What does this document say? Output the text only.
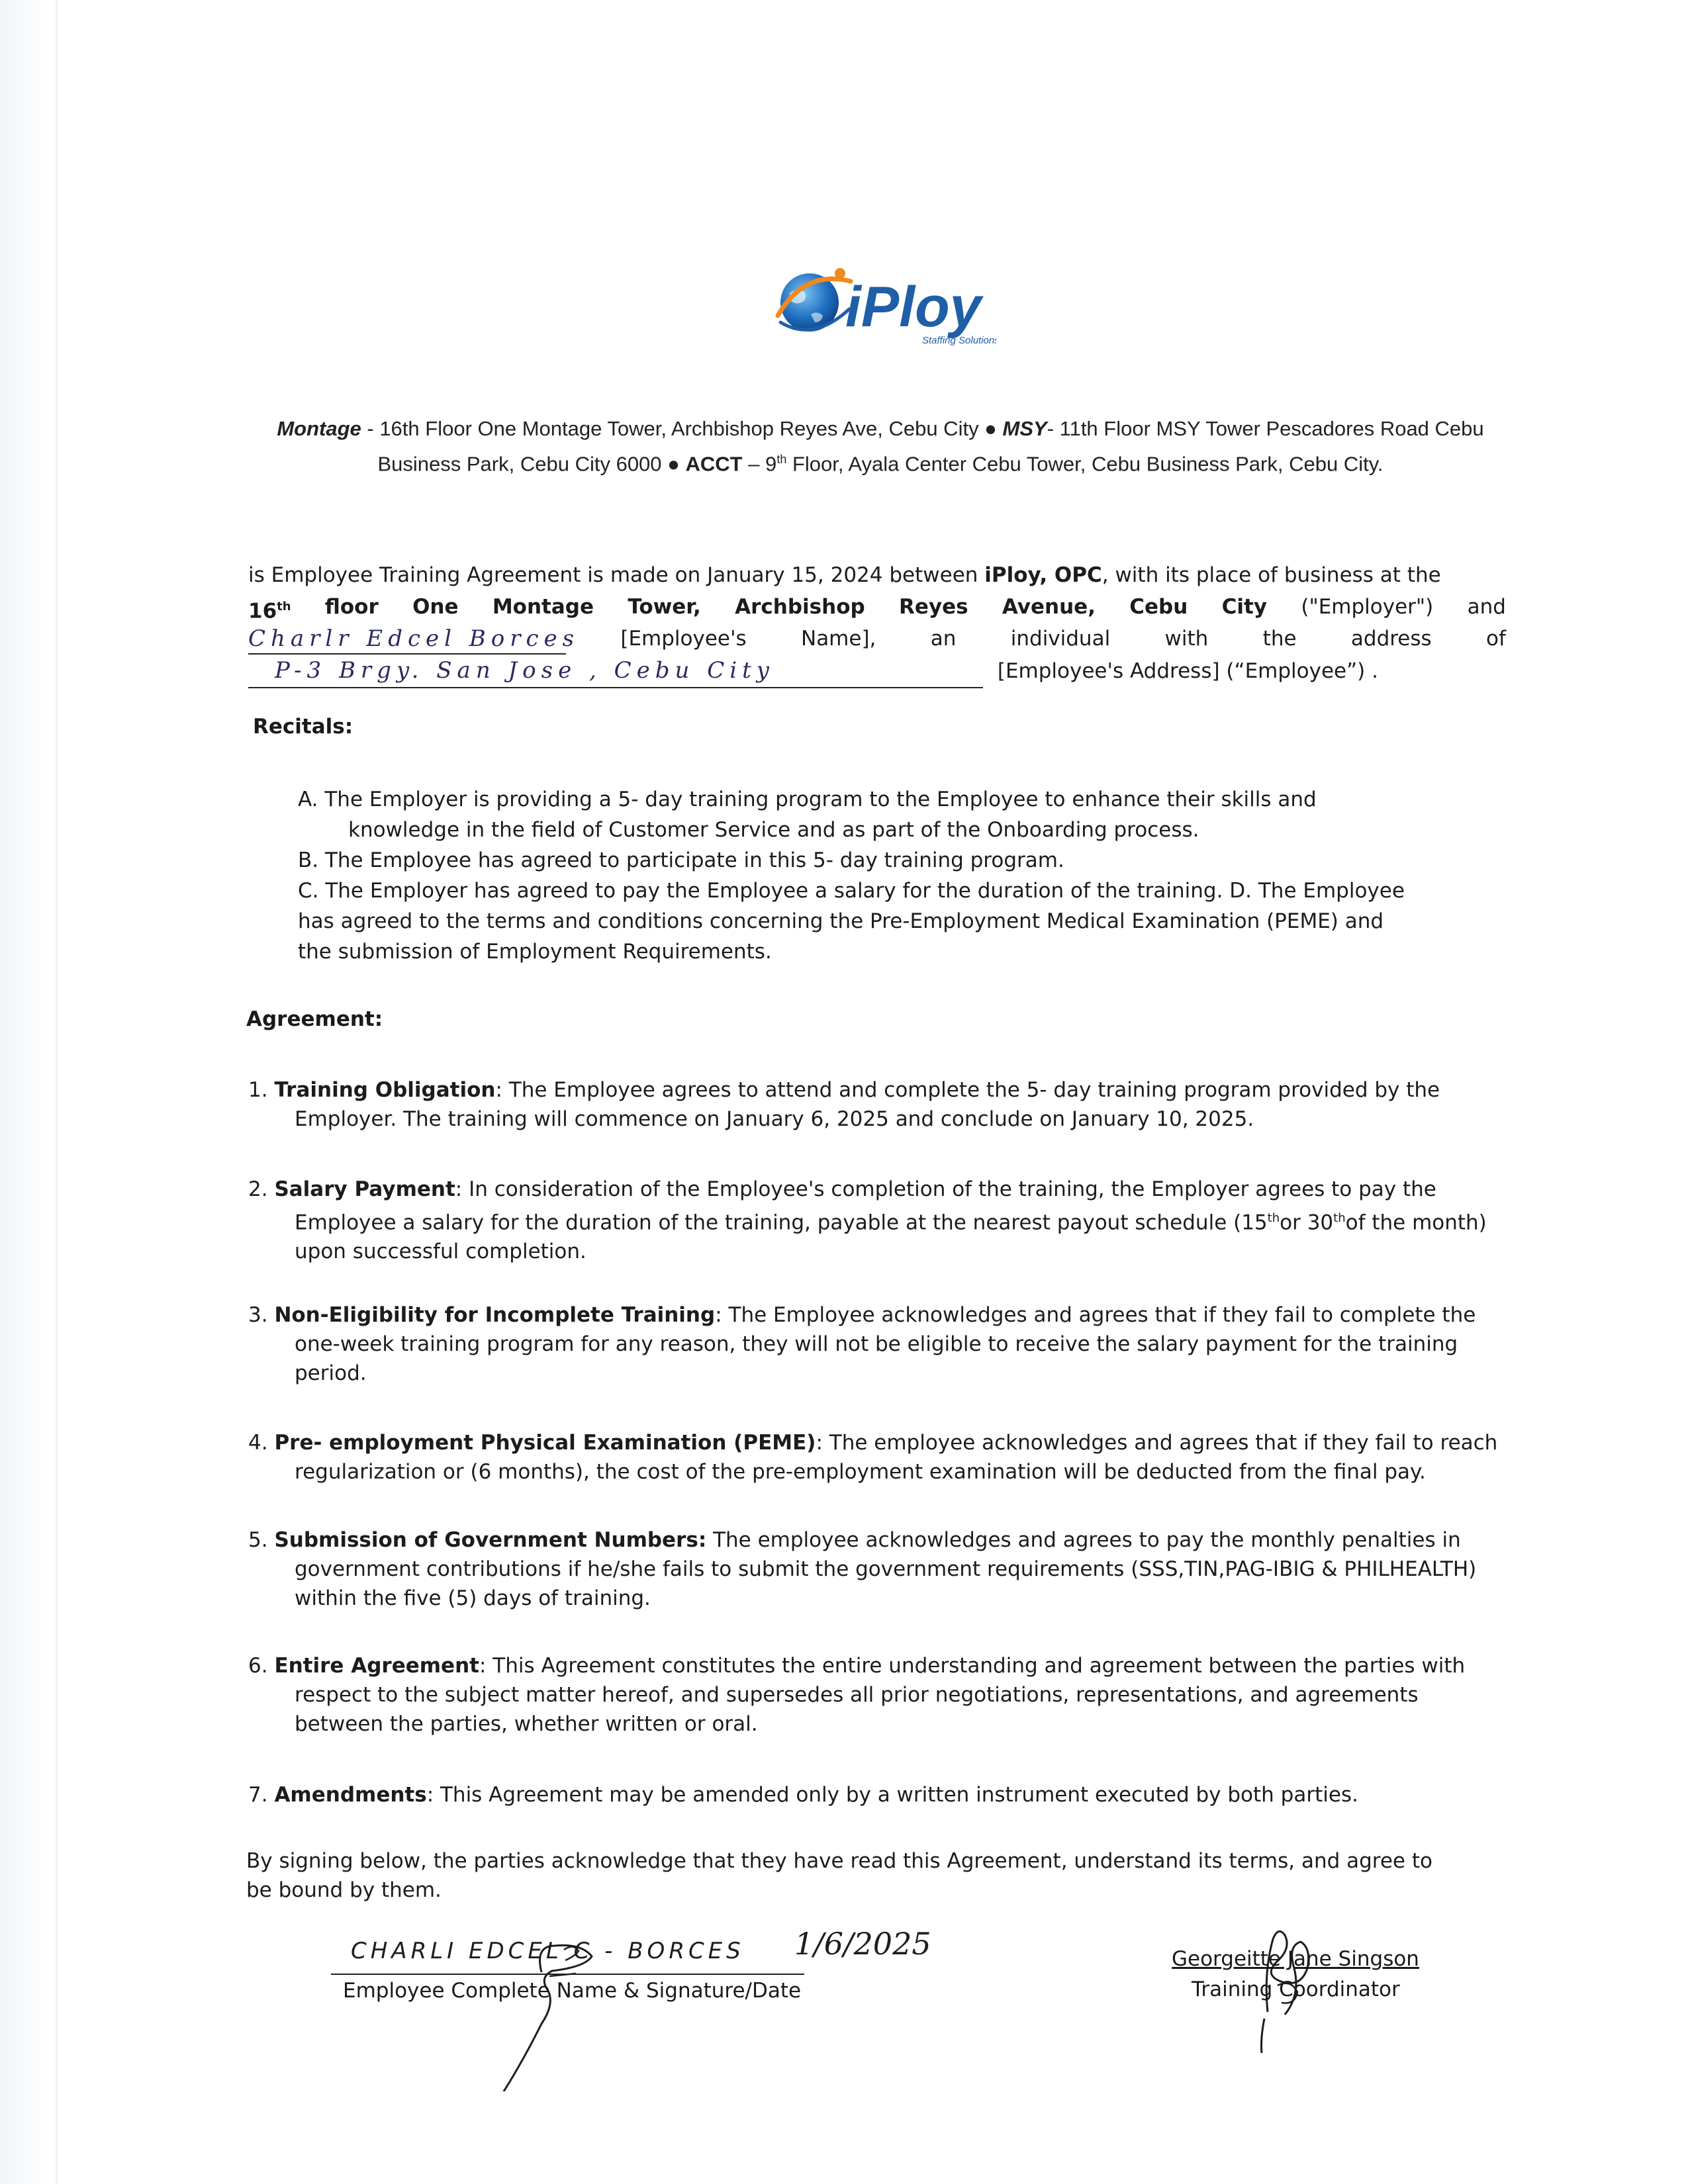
iPloy
Staffing Solutions
Montage - 16th Floor One Montage Tower, Archbishop Reyes Ave, Cebu City ● MSY- 11th Floor MSY Tower Pescadores Road Cebu Business Park, Cebu City 6000 ● ACCT – 9th Floor, Ayala Center Cebu Tower, Cebu Business Park, Cebu City.
is Employee Training Agreement is made on January 15, 2024 between iPloy, OPC, with its place of business at the
16th floor One Montage Tower, Archbishop Reyes Avenue, Cebu City ("Employer") and
Charlr Edcel Borces [Employee's	Name],	an	individual	with	the	address	of
P-3 Brgy. San Jose , Cebu City	[Employee's Address] (“Employee”) .
Recitals:
A. The Employer is providing a 5- day training program to the Employee to enhance their skills and
knowledge in the field of Customer Service and as part of the Onboarding process.
B. The Employee has agreed to participate in this 5- day training program.
C. The Employer has agreed to pay the Employee a salary for the duration of the training. D. The Employee
has agreed to the terms and conditions concerning the Pre-Employment Medical Examination (PEME) and
the submission of Employment Requirements.
Agreement:
1. Training Obligation: The Employee agrees to attend and complete the 5- day training program provided by the Employer. The training will commence on January 6, 2025 and conclude on January 10, 2025.
2. Salary Payment: In consideration of the Employee's completion of the training, the Employer agrees to pay the Employee a salary for the duration of the training, payable at the nearest payout schedule (15thor 30thof the month) upon successful completion.
3. Non-Eligibility for Incomplete Training: The Employee acknowledges and agrees that if they fail to complete the one-week training program for any reason, they will not be eligible to receive the salary payment for the training period.
4. Pre- employment Physical Examination (PEME): The employee acknowledges and agrees that if they fail to reach regularization or (6 months), the cost of the pre-employment examination will be deducted from the final pay.
5. Submission of Government Numbers: The employee acknowledges and agrees to pay the monthly penalties in government contributions if he/she fails to submit the government requirements (SSS,TIN,PAG-IBIG & PHILHEALTH) within the five (5) days of training.
6. Entire Agreement: This Agreement constitutes the entire understanding and agreement between the parties with respect to the subject matter hereof, and supersedes all prior negotiations, representations, and agreements between the parties, whether written or oral.
7. Amendments: This Agreement may be amended only by a written instrument executed by both parties.
By signing below, the parties acknowledge that they have read this Agreement, understand its terms, and agree to be bound by them.
CHARLI EDCEL C - BORCES 1/6/2025
Employee Complete Name & Signature/Date
Georgeitte Jane Singson
Training Coordinator
